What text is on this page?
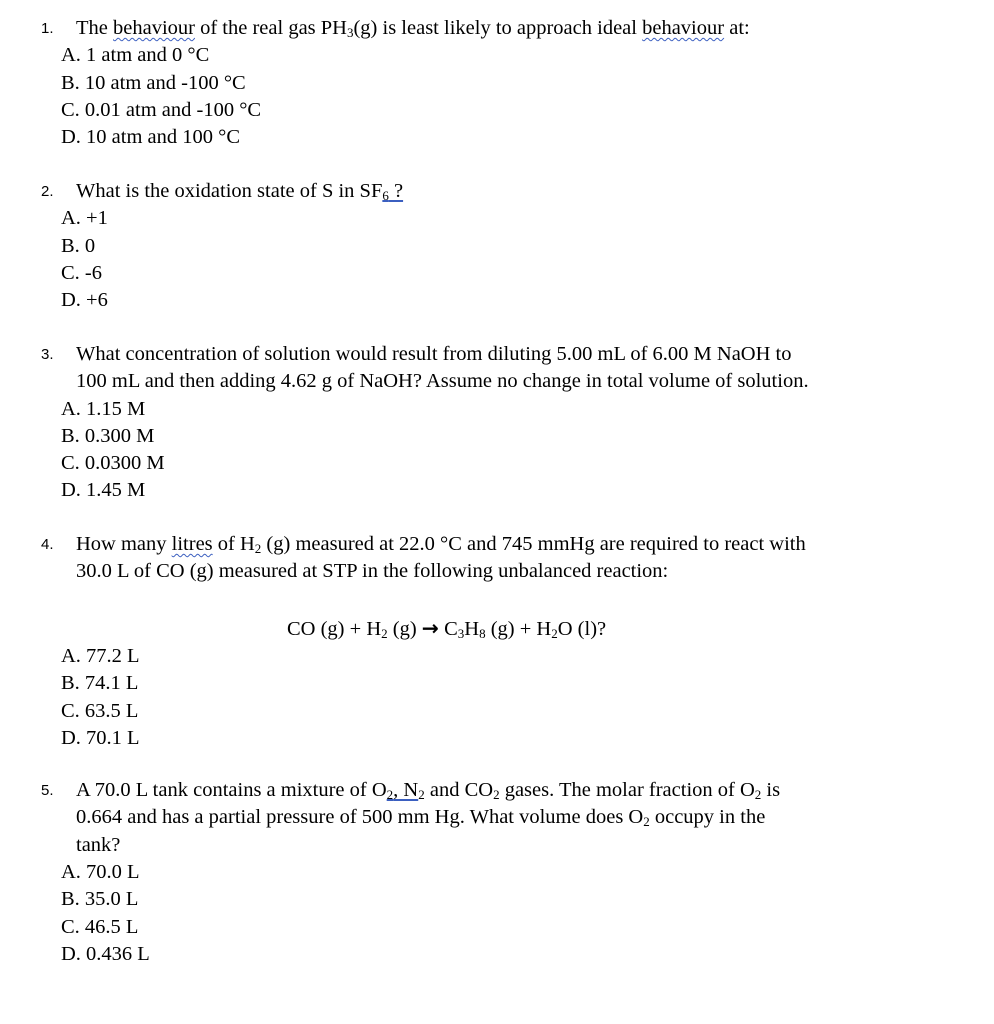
1. The behaviour of the real gas $PH_3(g)$ is least likely to approach ideal behaviour at:
A. 1 atm and 0 °C
B. 10 atm and -100 °C
C. 0.01 atm and -100 °C
D. 10 atm and 100 °C
2. What is the oxidation state of S in $SF_6$ ?
A. +1
B. 0
C. -6
D. +6
3. What concentration of solution would result from diluting 5.00 mL of 6.00 M NaOH to
100 mL and then adding 4.62 g of NaOH? Assume no change in total volume of solution.
A. 1.15 M
B. 0.300 M
C. 0.0300 M
D. 1.45 M
4. How many litres of $H_2$ (g) measured at 22.0 °C and 745 mmHg are required to react with
30.0 L of CO (g) measured at STP in the following unbalanced reaction:
CO $(g) + H_2$ $(g) \to C_3H_8$ $(g) + H_2O$ (l)?
A. 77.2 L
B. 74.1 L
C. 63.5 L
D. 70.1 L
5. A 70.0 L tank contains a mixture of $O_2$, $N_2$ and $CO_2$ gases. The molar fraction of $O_2$ is
0.664 and has a partial pressure of 500 mm Hg. What volume does $O_2$ occupy in the
tank?
A. 70.0 L
B. 35.0 L
C. 46.5 L
D. 0.436 L
